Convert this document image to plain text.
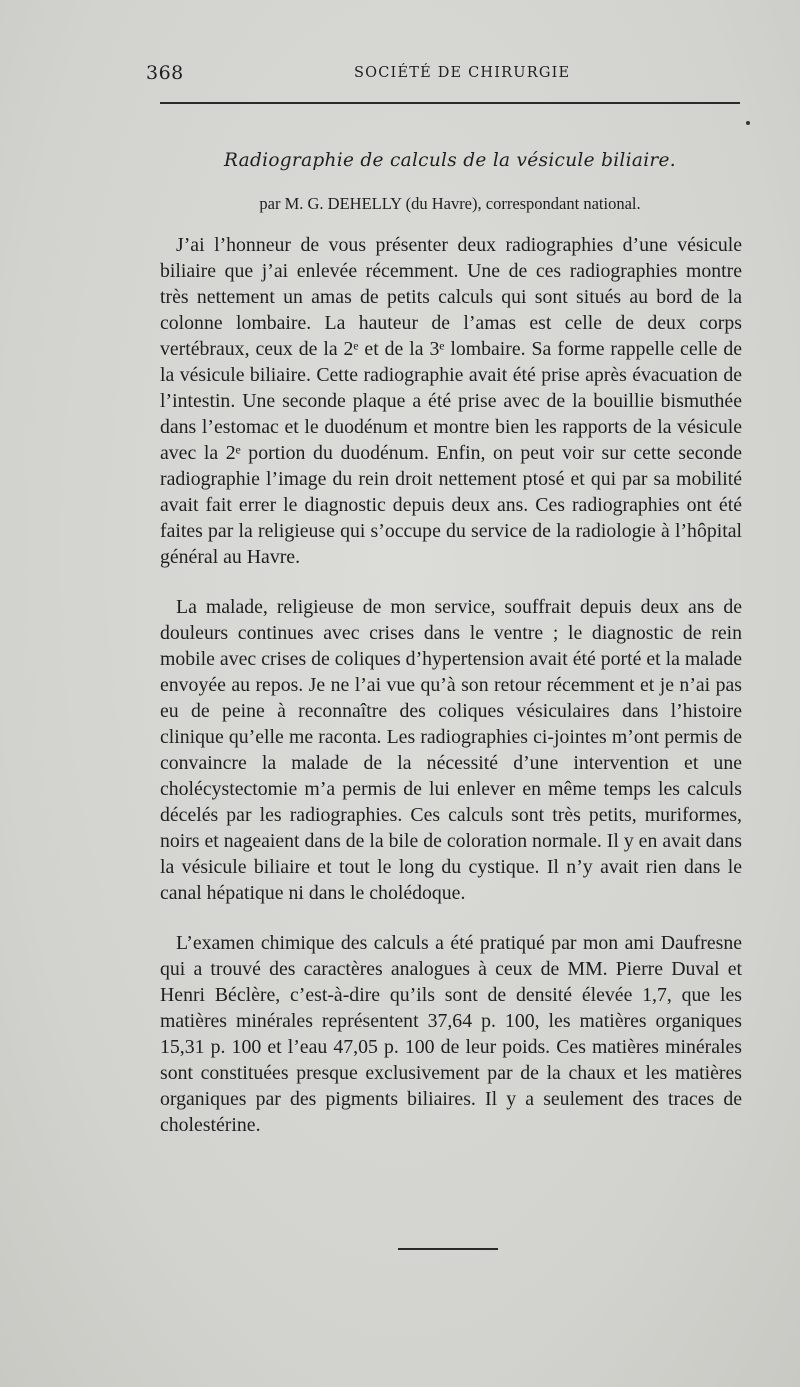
368	SOCIÉTÉ DE CHIRURGIE
Radiographie de calculs de la vésicule biliaire.
par M. G. DEHELLY (du Havre), correspondant national.

J’ai l’honneur de vous présenter deux radiographies d’une vésicule biliaire que j’ai enlevée récemment. Une de ces radiographies montre très nettement un amas de petits calculs qui sont situés au bord de la colonne lombaire. La hauteur de l’amas est celle de deux corps vertébraux, ceux de la 2ᵉ et de la 3ᵉ lombaire. Sa forme rappelle celle de la vésicule biliaire. Cette radiographie avait été prise après évacuation de l’intestin. Une seconde plaque a été prise avec de la bouillie bismuthée dans l’estomac et le duodénum et montre bien les rapports de la vésicule avec la 2ᵉ portion du duodénum. Enfin, on peut voir sur cette seconde radiographie l’image du rein droit nettement ptosé et qui par sa mobilité avait fait errer le diagnostic depuis deux ans. Ces radiographies ont été faites par la religieuse qui s’occupe du service de la radiologie à l’hôpital général au Havre.

La malade, religieuse de mon service, souffrait depuis deux ans de douleurs continues avec crises dans le ventre ; le diagnostic de rein mobile avec crises de coliques d’hypertension avait été porté et la malade envoyée au repos. Je ne l’ai vue qu’à son retour récemment et je n’ai pas eu de peine à reconnaître des coliques vésiculaires dans l’histoire clinique qu’elle me raconta. Les radiographies ci-jointes m’ont permis de convaincre la malade de la nécessité d’une intervention et une cholécystectomie m’a permis de lui enlever en même temps les calculs décelés par les radiographies. Ces calculs sont très petits, muriformes, noirs et nageaient dans de la bile de coloration normale. Il y en avait dans la vésicule biliaire et tout le long du cystique. Il n’y avait rien dans le canal hépatique ni dans le cholédoque.

L’examen chimique des calculs a été pratiqué par mon ami Daufresne qui a trouvé des caractères analogues à ceux de MM. Pierre Duval et Henri Béclère, c’est-à-dire qu’ils sont de densité élevée 1,7, que les matières minérales représentent 37,64 p. 100, les matières organiques 15,31 p. 100 et l’eau 47,05 p. 100 de leur poids. Ces matières minérales sont constituées presque exclusivement par de la chaux et les matières organiques par des pigments biliaires. Il y a seulement des traces de cholestérine.
